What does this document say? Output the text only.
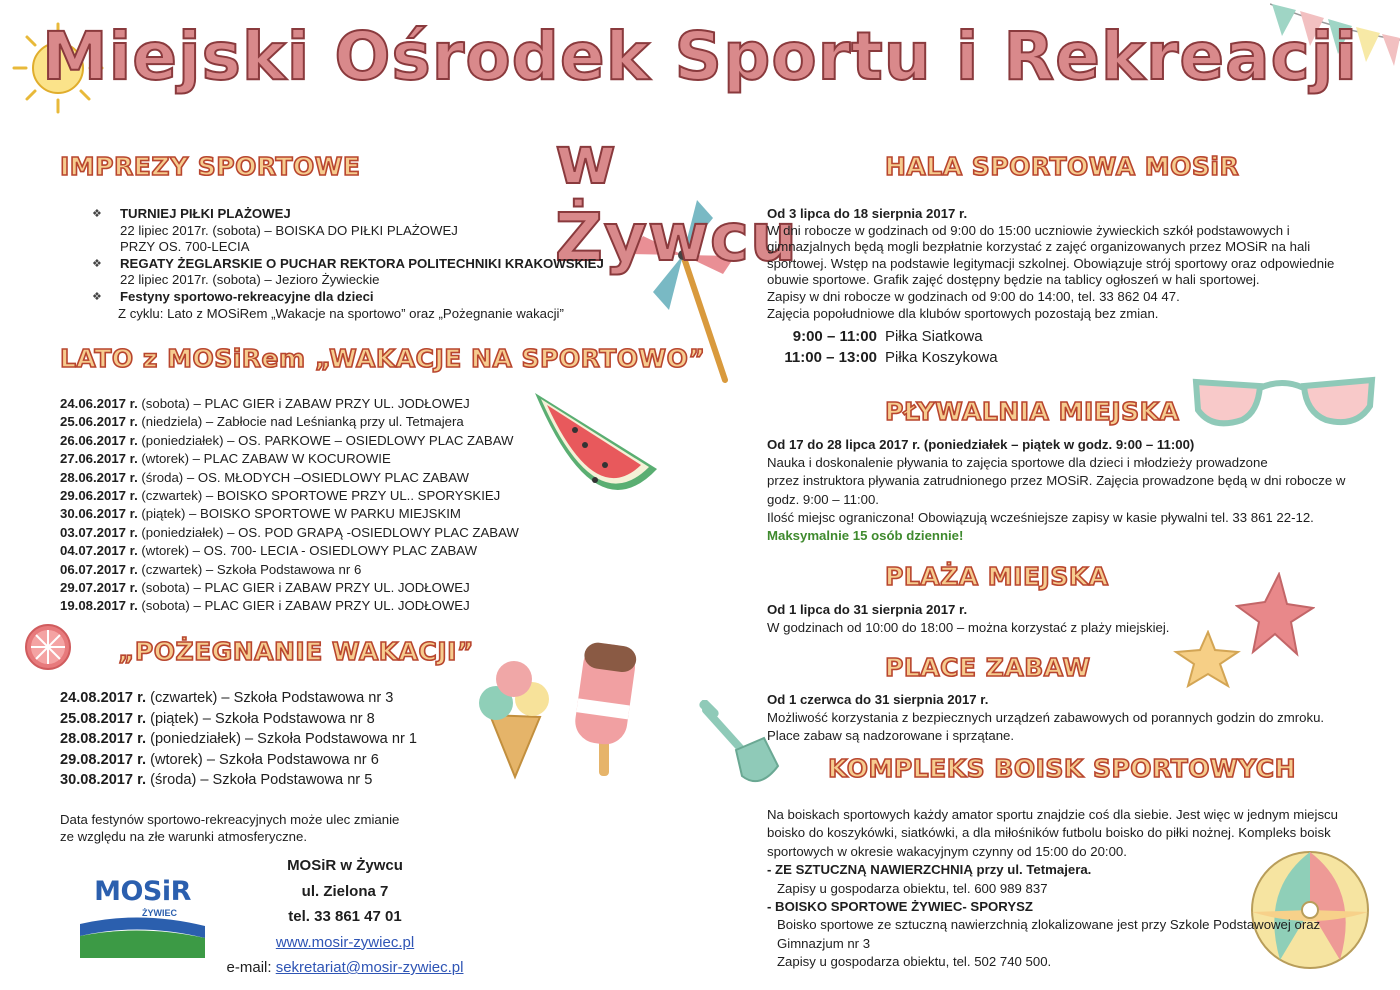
Miejski Ośrodek Sportu i Rekreacji
w Żywcu
IMPREZY SPORTOWE
❖ TURNIEJ PIŁKI PLAŻOWEJ
22 lipiec 2017r. (sobota) – BOISKA DO PIŁKI PLAŻOWEJ
PRZY OS. 700-LECIA
❖ REGATY ŻEGLARSKIE O PUCHAR REKTORA POLITECHNIKI KRAKOWSKIEJ
22 lipiec 2017r. (sobota) – Jezioro Żywieckie
❖ Festyny sportowo-rekreacyjne dla dzieci
Z cyklu: Lato z MOSiRem „Wakacje na sportowo” oraz „Pożegnanie wakacji”
LATO z MOSiRem „WAKACJE NA SPORTOWO”
24.06.2017 r. (sobota) – PLAC GIER i ZABAW PRZY UL. JODŁOWEJ
25.06.2017 r. (niedziela) – Zabłocie nad Leśnianką przy ul. Tetmajera
26.06.2017 r. (poniedziałek) – OS. PARKOWE – OSIEDLOWY PLAC ZABAW
27.06.2017 r. (wtorek) – PLAC ZABAW W KOCUROWIE
28.06.2017 r. (środa) – OS. MŁODYCH –OSIEDLOWY PLAC ZABAW
29.06.2017 r. (czwartek) – BOISKO SPORTOWE PRZY UL.. SPORYSKIEJ
30.06.2017 r. (piątek) – BOISKO SPORTOWE W PARKU MIEJSKIM
03.07.2017 r. (poniedziałek) – OS. POD GRAPĄ -OSIEDLOWY PLAC ZABAW
04.07.2017 r. (wtorek) – OS. 700- LECIA - OSIEDLOWY PLAC ZABAW
06.07.2017 r. (czwartek) – Szkoła Podstawowa nr 6
29.07.2017 r. (sobota) – PLAC GIER i ZABAW PRZY UL. JODŁOWEJ
19.08.2017 r. (sobota) – PLAC GIER i ZABAW PRZY UL. JODŁOWEJ
„POŻEGNANIE WAKACJI”
24.08.2017 r. (czwartek) – Szkoła Podstawowa nr 3
25.08.2017 r. (piątek) – Szkoła Podstawowa nr 8
28.08.2017 r. (poniedziałek) – Szkoła Podstawowa nr 1
29.08.2017 r. (wtorek) – Szkoła Podstawowa nr 6
30.08.2017 r. (środa) – Szkoła Podstawowa nr 5
Data festynów sportowo-rekreacyjnych może ulec zmianie
ze względu na złe warunki atmosferyczne.
MOSiR
ŻYWIEC
MOSiR w Żywcu
ul. Zielona 7
tel. 33 861 47 01
www.mosir-zywiec.pl
e-mail: sekretariat@mosir-zywiec.pl
HALA SPORTOWA MOSiR
Od 3 lipca do 18 sierpnia 2017 r.
W dni robocze w godzinach od 9:00 do 15:00 uczniowie żywieckich szkół podstawowych i
gimnazjalnych będą mogli bezpłatnie korzystać z zajęć organizowanych przez MOSiR na hali
sportowej. Wstęp na podstawie legitymacji szkolnej. Obowiązuje strój sportowy oraz odpowiednie
obuwie sportowe. Grafik zajęć dostępny będzie na tablicy ogłoszeń w hali sportowej.
Zapisy w dni robocze w godzinach od 9:00 do 14:00, tel. 33 862 04 47.
Zajęcia popołudniowe dla klubów sportowych pozostają bez zmian.
9:00 – 11:00 Piłka Siatkowa
11:00 – 13:00 Piłka Koszykowa
PŁYWALNIA MIEJSKA
Od 17 do 28 lipca 2017 r. (poniedziałek – piątek w godz. 9:00 – 11:00)
Nauka i doskonalenie pływania to zajęcia sportowe dla dzieci i młodzieży prowadzone
przez instruktora pływania zatrudnionego przez MOSiR. Zajęcia prowadzone będą w dni robocze w
godz. 9:00 – 11:00.
Ilość miejsc ograniczona! Obowiązują wcześniejsze zapisy w kasie pływalni tel. 33 861 22-12.
Maksymalnie 15 osób dziennie!
PLAŻA MIEJSKA
Od 1 lipca do 31 sierpnia 2017 r.
W godzinach od 10:00 do 18:00 – można korzystać z plaży miejskiej.
PLACE ZABAW
Od 1 czerwca do 31 sierpnia 2017 r.
Możliwość korzystania z bezpiecznych urządzeń zabawowych od porannych godzin do zmroku.
Place zabaw są nadzorowane i sprzątane.
KOMPLEKS BOISK SPORTOWYCH
Na boiskach sportowych każdy amator sportu znajdzie coś dla siebie. Jest więc w jednym miejscu
boisko do koszykówki, siatkówki, a dla miłośników futbolu boisko do piłki nożnej. Kompleks boisk
sportowych w okresie wakacyjnym czynny od 15:00 do 20:00.
- ZE SZTUCZNĄ NAWIERZCHNIĄ przy ul. Tetmajera.
Zapisy u gospodarza obiektu, tel. 600 989 837
- BOISKO SPORTOWE ŻYWIEC- SPORYSZ
Boisko sportowe ze sztuczną nawierzchnią zlokalizowane jest przy Szkole Podstawowej oraz
Gimnazjum nr 3
Zapisy u gospodarza obiektu, tel. 502 740 500.
